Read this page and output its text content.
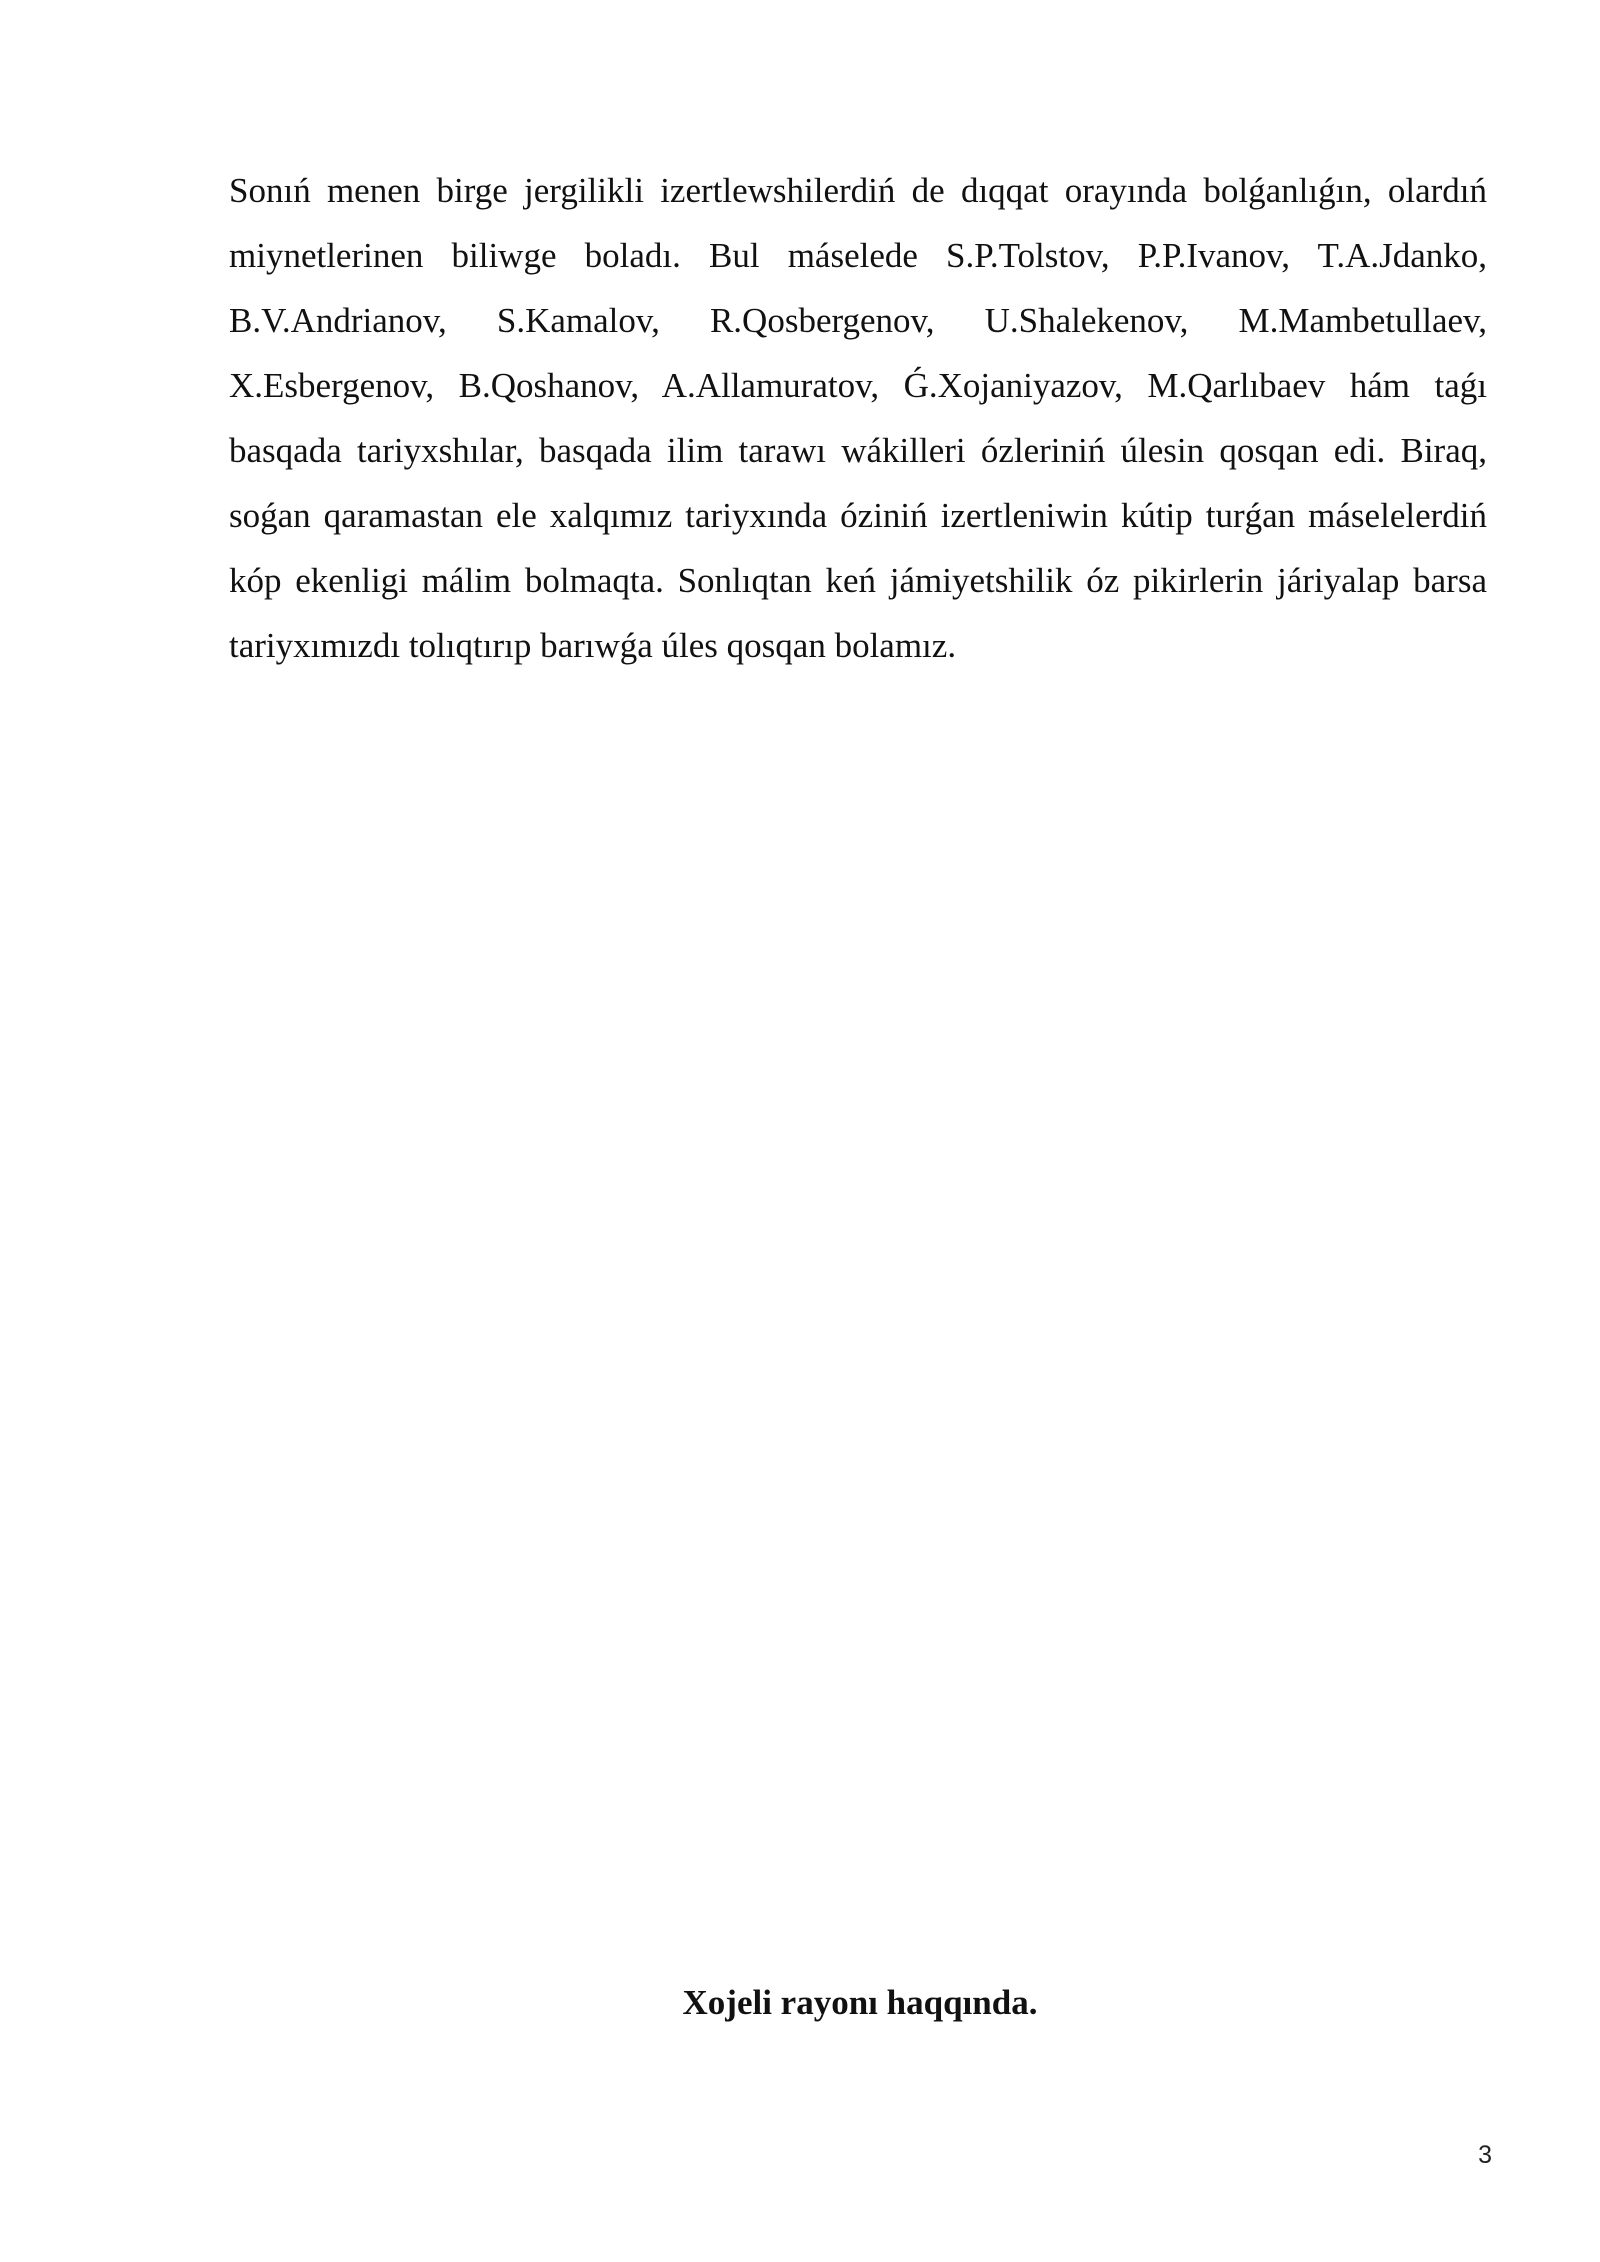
Sonıń menen birge jergilikli izertlewshilerdiń de dıqqat orayında bolǵanlıǵın, olardıń miynetlerinen biliwge boladı. Bul máselede S.P.Tolstov, P.P.Ivanov, T.A.Jdanko, B.V.Andrianov, S.Kamalov, R.Qosbergenov, U.Shalekenov, M.Mambetullaev, X.Esbergenov, B.Qoshanov, A.Allamuratov, Ǵ.Xojaniyazov, M.Qarlıbaev hám taǵı basqada tariyxshılar, basqada ilim tarawı wákilleri ózleriniń úlesin qosqan edi. Biraq, soǵan qaramastan ele xalqımız tariyxında óziniń izertleniwin kútip turǵan máselelerdiń kóp ekenligi málim bolmaqta. Sonlıqtan keń jámiyetshilik óz pikirlerin járiyalap barsa tariyxımızdı tolıqtırıp barıwǵa úles qosqan bolamız.

Xojeli rayonı haqqında.
3
